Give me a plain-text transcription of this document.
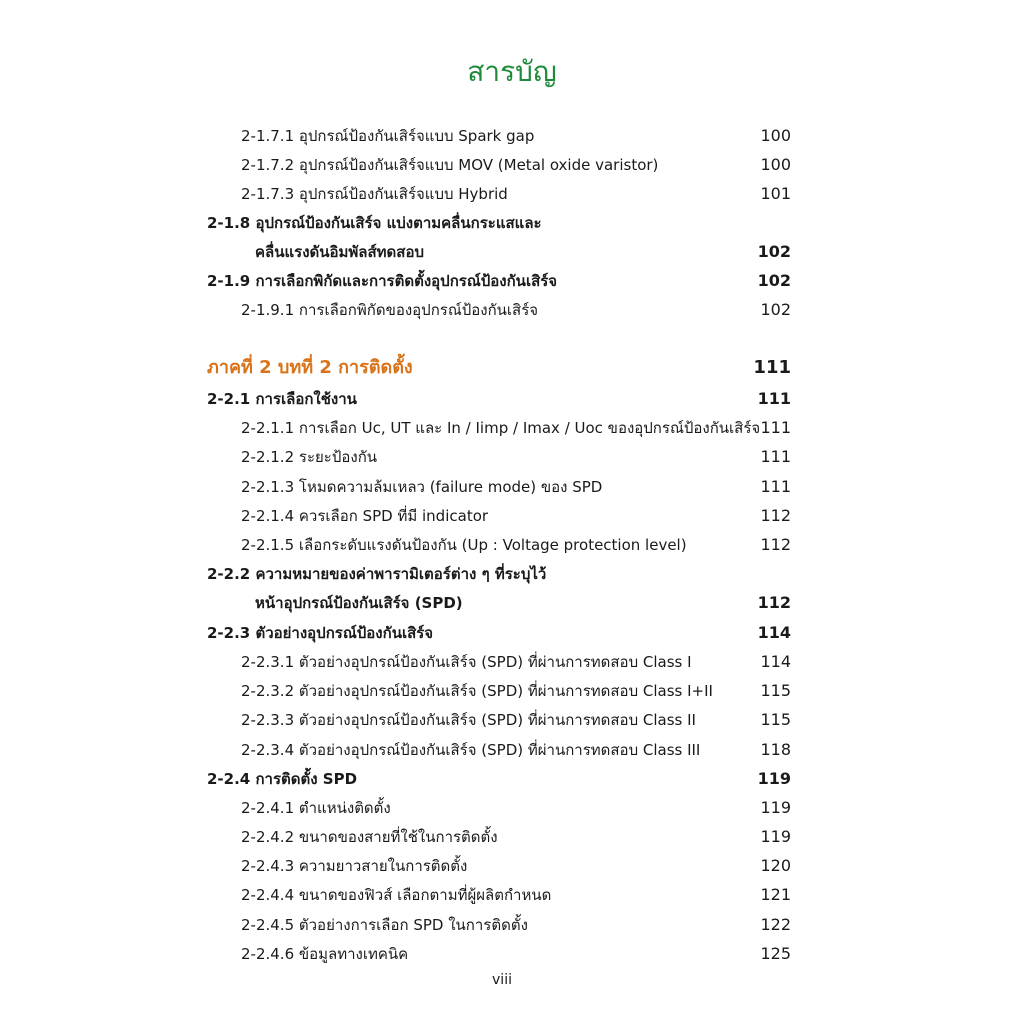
สารบัญ
2-1.7.1 อุปกรณ์ป้องกันเสิร์จแบบ Spark gap	100
2-1.7.2 อุปกรณ์ป้องกันเสิร์จแบบ MOV (Metal oxide varistor)	100
2-1.7.3 อุปกรณ์ป้องกันเสิร์จแบบ Hybrid	101
2-1.8 อุปกรณ์ป้องกันเสิร์จ แบ่งตามคลื่นกระแสและ
คลื่นแรงดันอิมพัลส์ทดสอบ	102
2-1.9 การเลือกพิกัดและการติดตั้งอุปกรณ์ป้องกันเสิร์จ	102
2-1.9.1 การเลือกพิกัดของอุปกรณ์ป้องกันเสิร์จ	102
ภาคที่ 2 บทที่ 2 การติดตั้ง	111
2-2.1 การเลือกใช้งาน	111
2-2.1.1 การเลือก Uc, UT และ In / Iimp / Imax / Uoc ของอุปกรณ์ป้องกันเสิร์จ 111
2-2.1.2 ระยะป้องกัน	111
2-2.1.3 โหมดความล้มเหลว (failure mode) ของ SPD	111
2-2.1.4 ควรเลือก SPD ที่มี indicator	112
2-2.1.5 เลือกระดับแรงดันป้องกัน (Up : Voltage protection level)	112
2-2.2 ความหมายของค่าพารามิเตอร์ต่าง ๆ ที่ระบุไว้
หน้าอุปกรณ์ป้องกันเสิร์จ (SPD)	112
2-2.3 ตัวอย่างอุปกรณ์ป้องกันเสิร์จ	114
2-2.3.1 ตัวอย่างอุปกรณ์ป้องกันเสิร์จ (SPD) ที่ผ่านการทดสอบ Class I	114
2-2.3.2 ตัวอย่างอุปกรณ์ป้องกันเสิร์จ (SPD) ที่ผ่านการทดสอบ Class I+II	115
2-2.3.3 ตัวอย่างอุปกรณ์ป้องกันเสิร์จ (SPD) ที่ผ่านการทดสอบ Class II	115
2-2.3.4 ตัวอย่างอุปกรณ์ป้องกันเสิร์จ (SPD) ที่ผ่านการทดสอบ Class III	118
2-2.4 การติดตั้ง SPD	119
2-2.4.1 ตำแหน่งติดตั้ง	119
2-2.4.2 ขนาดของสายที่ใช้ในการติดตั้ง	119
2-2.4.3 ความยาวสายในการติดตั้ง	120
2-2.4.4 ขนาดของฟิวส์ เลือกตามที่ผู้ผลิตกำหนด	121
2-2.4.5 ตัวอย่างการเลือก SPD ในการติดตั้ง	122
2-2.4.6 ข้อมูลทางเทคนิค	125
viii
